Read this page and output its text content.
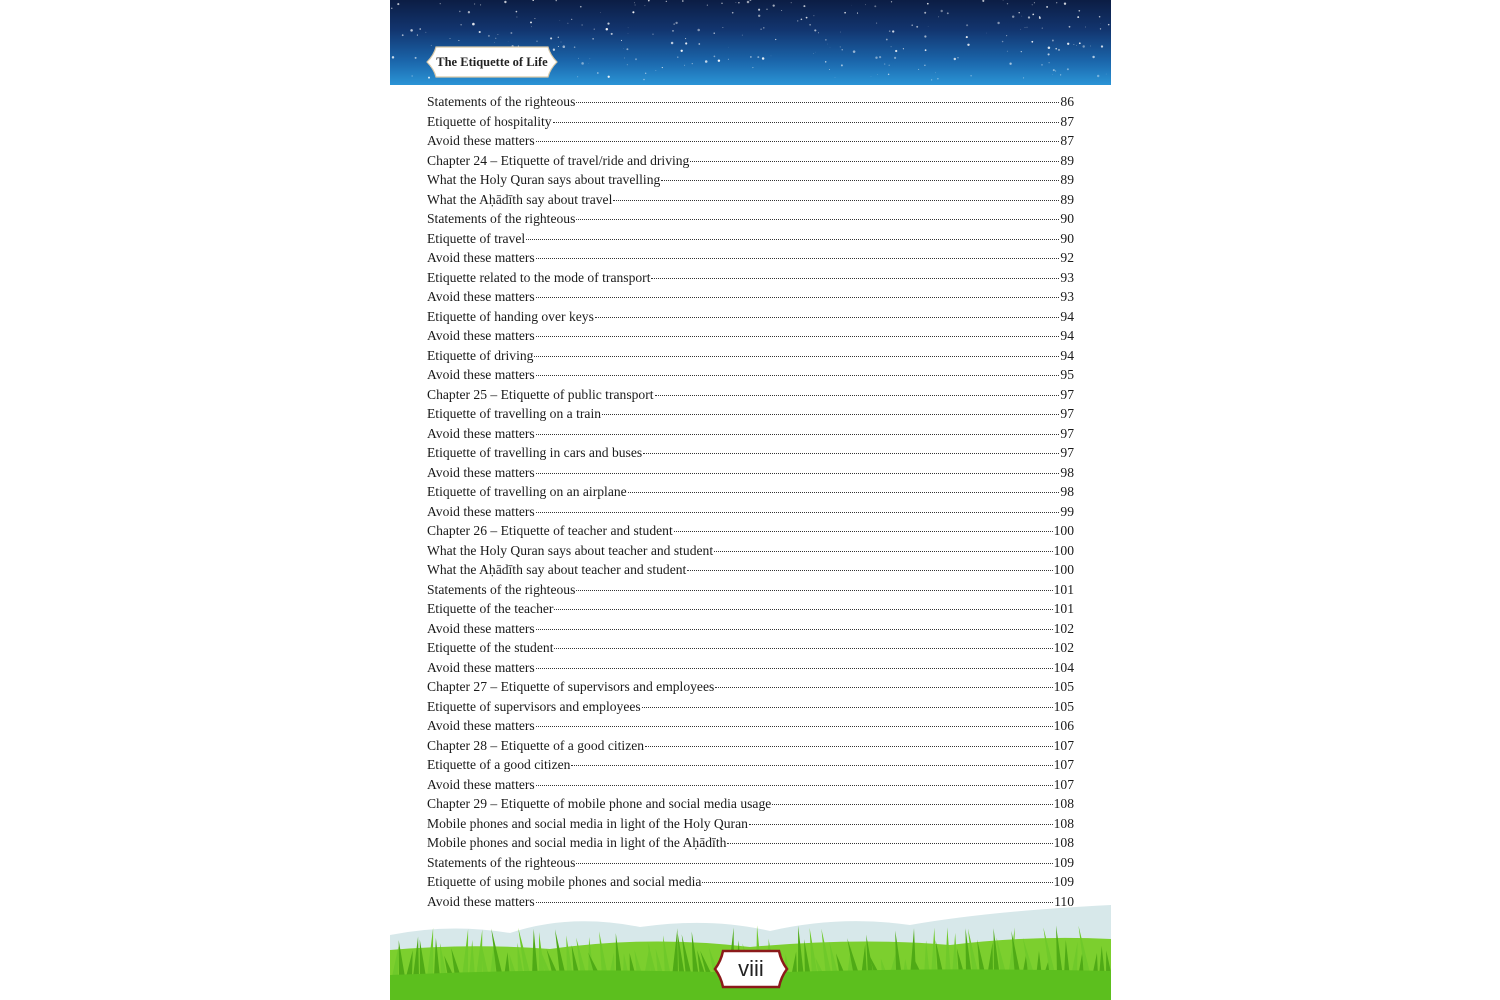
The Etiquette of Life
Statements of the righteous	86
Etiquette of hospitality	87
Avoid these matters	87
Chapter 24 – Etiquette of travel/ride and driving	89
What the Holy Quran says about travelling	89
What the Aḥādīth say about travel	89
Statements of the righteous	90
Etiquette of travel	90
Avoid these matters	92
Etiquette related to the mode of transport	93
Avoid these matters	93
Etiquette of handing over keys	94
Avoid these matters	94
Etiquette of driving	94
Avoid these matters	95
Chapter 25 – Etiquette of public transport	97
Etiquette of travelling on a train	97
Avoid these matters	97
Etiquette of travelling in cars and buses	97
Avoid these matters	98
Etiquette of travelling on an airplane	98
Avoid these matters	99
Chapter 26 – Etiquette of teacher and student	100
What the Holy Quran says about teacher and student	100
What the Aḥādīth say about teacher and student	100
Statements of the righteous	101
Etiquette of the teacher	101
Avoid these matters	102
Etiquette of the student	102
Avoid these matters	104
Chapter 27 – Etiquette of supervisors and employees	105
Etiquette of supervisors and employees	105
Avoid these matters	106
Chapter 28 – Etiquette of a good citizen	107
Etiquette of a good citizen	107
Avoid these matters	107
Chapter 29 – Etiquette of mobile phone and social media usage	108
Mobile phones and social media in light of the Holy Quran	108
Mobile phones and social media in light of the Aḥādīth	108
Statements of the righteous	109
Etiquette of using mobile phones and social media	109
Avoid these matters	110
viii
